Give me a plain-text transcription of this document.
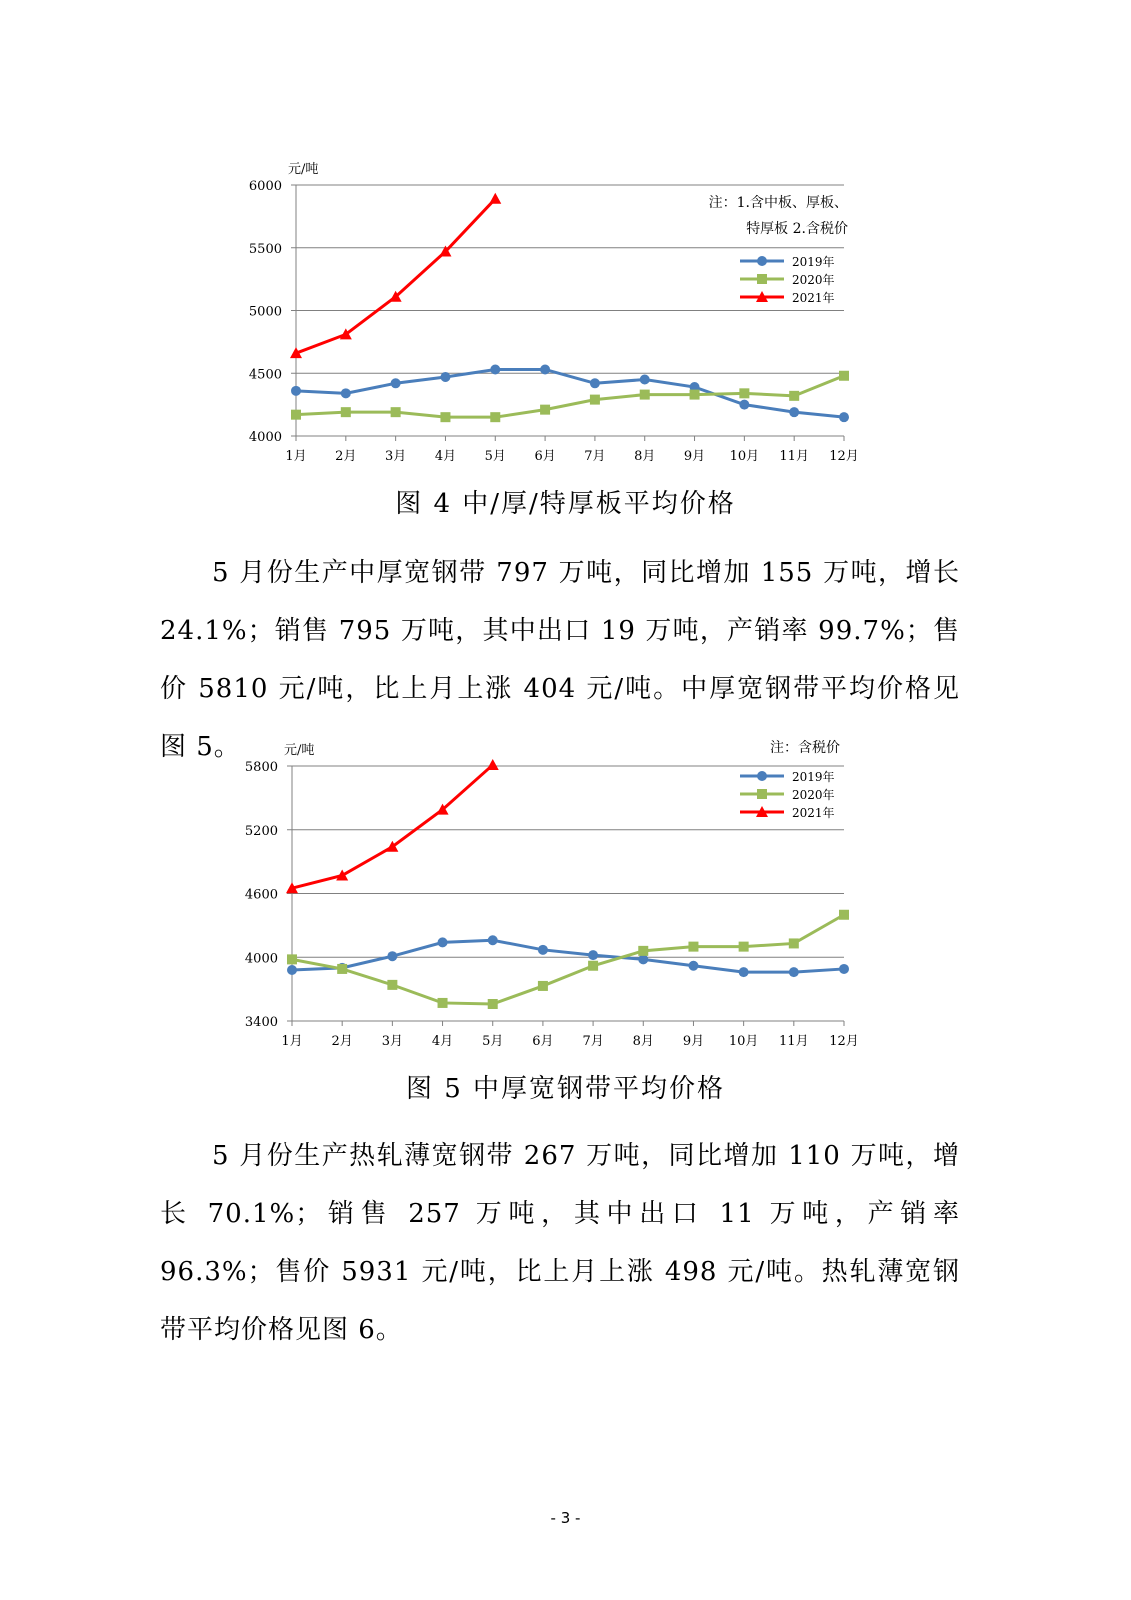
4000
4500
5000
5500
6000
元/吨
1月 2月 3月 4月 5月 6月 7月 8月 9月 10月 11月 12月
2019年
2020年
2021年
注：1.含中板、厚板、
特厚板 2.含税价

图 4 中/厚/特厚板平均价格

5 月份生产中厚宽钢带 797 万吨，同比增加 155 万吨，增长 24.1%；销售 795 万吨，其中出口 19 万吨，产销率 99.7%；售价 5810 元/吨，比上月上涨 404 元/吨。中厚宽钢带平均价格见图 5。

3400
4000
4600
5200
5800
元/吨
1月 2月 3月 4月 5月 6月 7月 8月 9月 10月 11月 12月
2019年
2020年
2021年
注：含税价

图 5 中厚宽钢带平均价格

5 月份生产热轧薄宽钢带 267 万吨，同比增加 110 万吨，增长 70.1%；销售 257 万吨，其中出口 11 万吨，产销率 96.3%；售价 5931 元/吨，比上月上涨 498 元/吨。热轧薄宽钢带平均价格见图 6。

- 3 -
